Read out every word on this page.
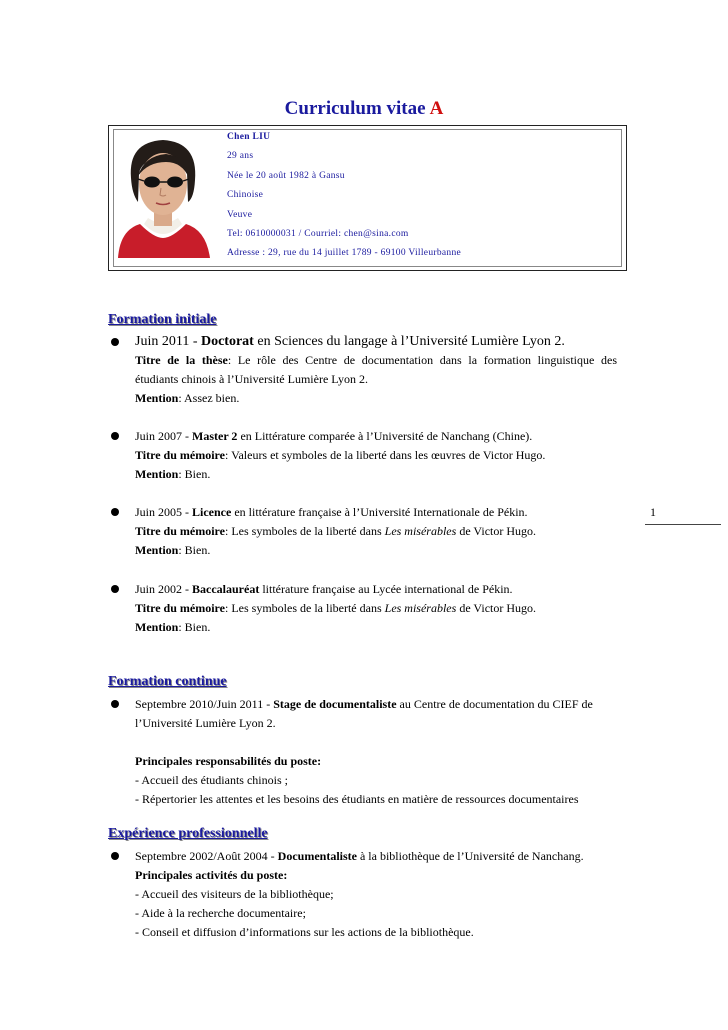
Curriculum vitae A
Chen LIU
29 ans
Née le 20 août 1982 à Gansu
Chinoise
Veuve
Tel: 0610000031 / Courriel: chen@sina.com
Adresse : 29, rue du 14 juillet 1789 - 69100 Villeurbanne
Formation initiale
Juin 2011 - Doctorat en Sciences du langage à l’Université Lumière Lyon 2.
Titre de la thèse: Le rôle des Centre de documentation dans la formation linguistique des
étudiants chinois à l’Université Lumière Lyon 2.
Mention: Assez bien.
Juin 2007 - Master 2 en Littérature comparée à l’Université de Nanchang (Chine).
Titre du mémoire: Valeurs et symboles de la liberté dans les œuvres de Victor Hugo.
Mention: Bien.
Juin 2005 - Licence en littérature française à l’Université Internationale de Pékin.
Titre du mémoire: Les symboles de la liberté dans Les misérables de Victor Hugo.
Mention: Bien.
Juin 2002 - Baccalauréat littérature française au Lycée international de Pékin.
Titre du mémoire: Les symboles de la liberté dans Les misérables de Victor Hugo.
Mention: Bien.
1
Formation continue
Septembre 2010/Juin 2011 - Stage de documentaliste au Centre de documentation du CIEF de
l’Université Lumière Lyon 2.
Principales responsabilités du poste:
- Accueil des étudiants chinois ;
- Répertorier les attentes et les besoins des étudiants en matière de ressources documentaires
Expérience professionnelle
Septembre 2002/Août 2004 - Documentaliste à la bibliothèque de l’Université de Nanchang.
Principales activités du poste:
- Accueil des visiteurs de la bibliothèque;
- Aide à la recherche documentaire;
- Conseil et diffusion d’informations sur les actions de la bibliothèque.
